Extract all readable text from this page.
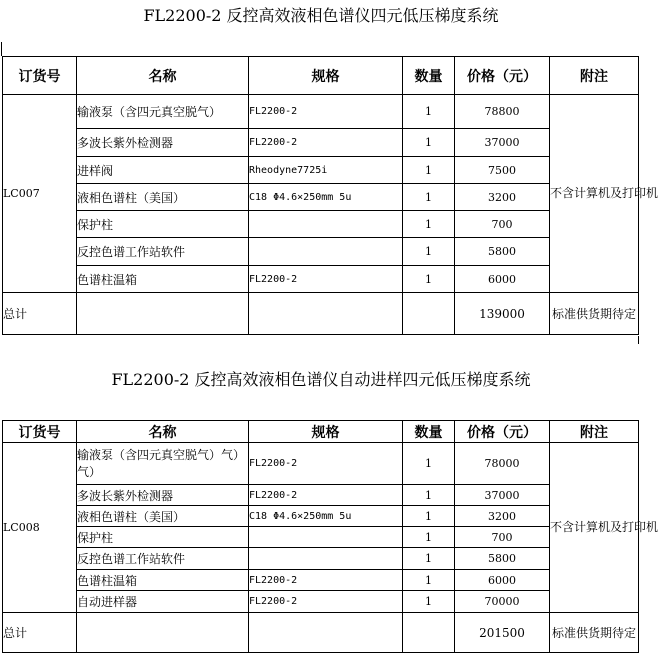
FL2200-2 反控高效液相色谱仪四元低压梯度系统
订货号	名称	规格	数量	价格（元）	附注
LC007	输液泵（含四元真空脱气）	FL2200-2	1	78800	不含计算机及打印机
	多波长紫外检测器	FL2200-2	1	37000	
	进样阀	Rheodyne7725i	1	7500	
	液相色谱柱（美国）	C18 Φ4.6×250mm 5u	1	3200	
	保护柱		1	700	
	反控色谱工作站软件		1	5800	
	色谱柱温箱	FL2200-2	1	6000	
总计				139000	标准供货期待定
FL2200-2 反控高效液相色谱仪自动进样四元低压梯度系统
订货号	名称	规格	数量	价格（元）	附注
LC008	输液泵（含四元真空脱气）气）气）	FL2200-2	1	78000	不含计算机及打印机
	多波长紫外检测器	FL2200-2	1	37000	
	液相色谱柱（美国）	C18 Φ4.6×250mm 5u	1	3200	
	保护柱		1	700	
	反控色谱工作站软件		1	5800	
	色谱柱温箱	FL2200-2	1	6000	
	自动进样器	FL2200-2	1	70000	
总计				201500	标准供货期待定
